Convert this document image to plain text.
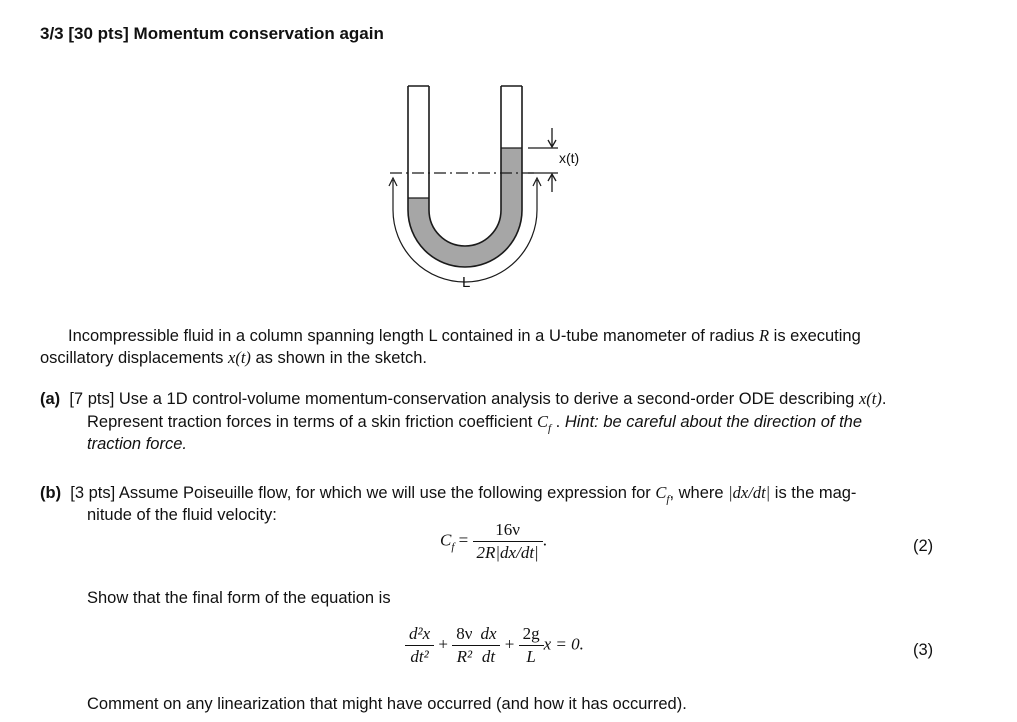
3/3 [30 pts] Momentum conservation again
x(t)
L
Incompressible fluid in a column spanning length L contained in a U-tube manometer of radius R is executing
oscillatory displacements x(t) as shown in the sketch.
(a) [7 pts] Use a 1D control-volume momentum-conservation analysis to derive a second-order ODE describing x(t).
Represent traction forces in terms of a skin friction coefficient $C_f$ . Hint: be careful about the direction of the
traction force.
(b) [3 pts] Assume Poiseuille flow, for which we will use the following expression for $C_f$, where |dx/dt| is the mag-
nitude of the fluid velocity:
$C_f = \frac{16\nu}{2R|dx/dt|}$ .	(2)
Show that the final form of the equation is
$\frac{\text{d²x}}{\text{dt²}} + \frac{8\nu}{\text{R²}} \frac{dx}{dt} + \frac{2g}{L}$ x = 0.	(3)
Comment on any linearization that might have occurred (and how it has occurred).
